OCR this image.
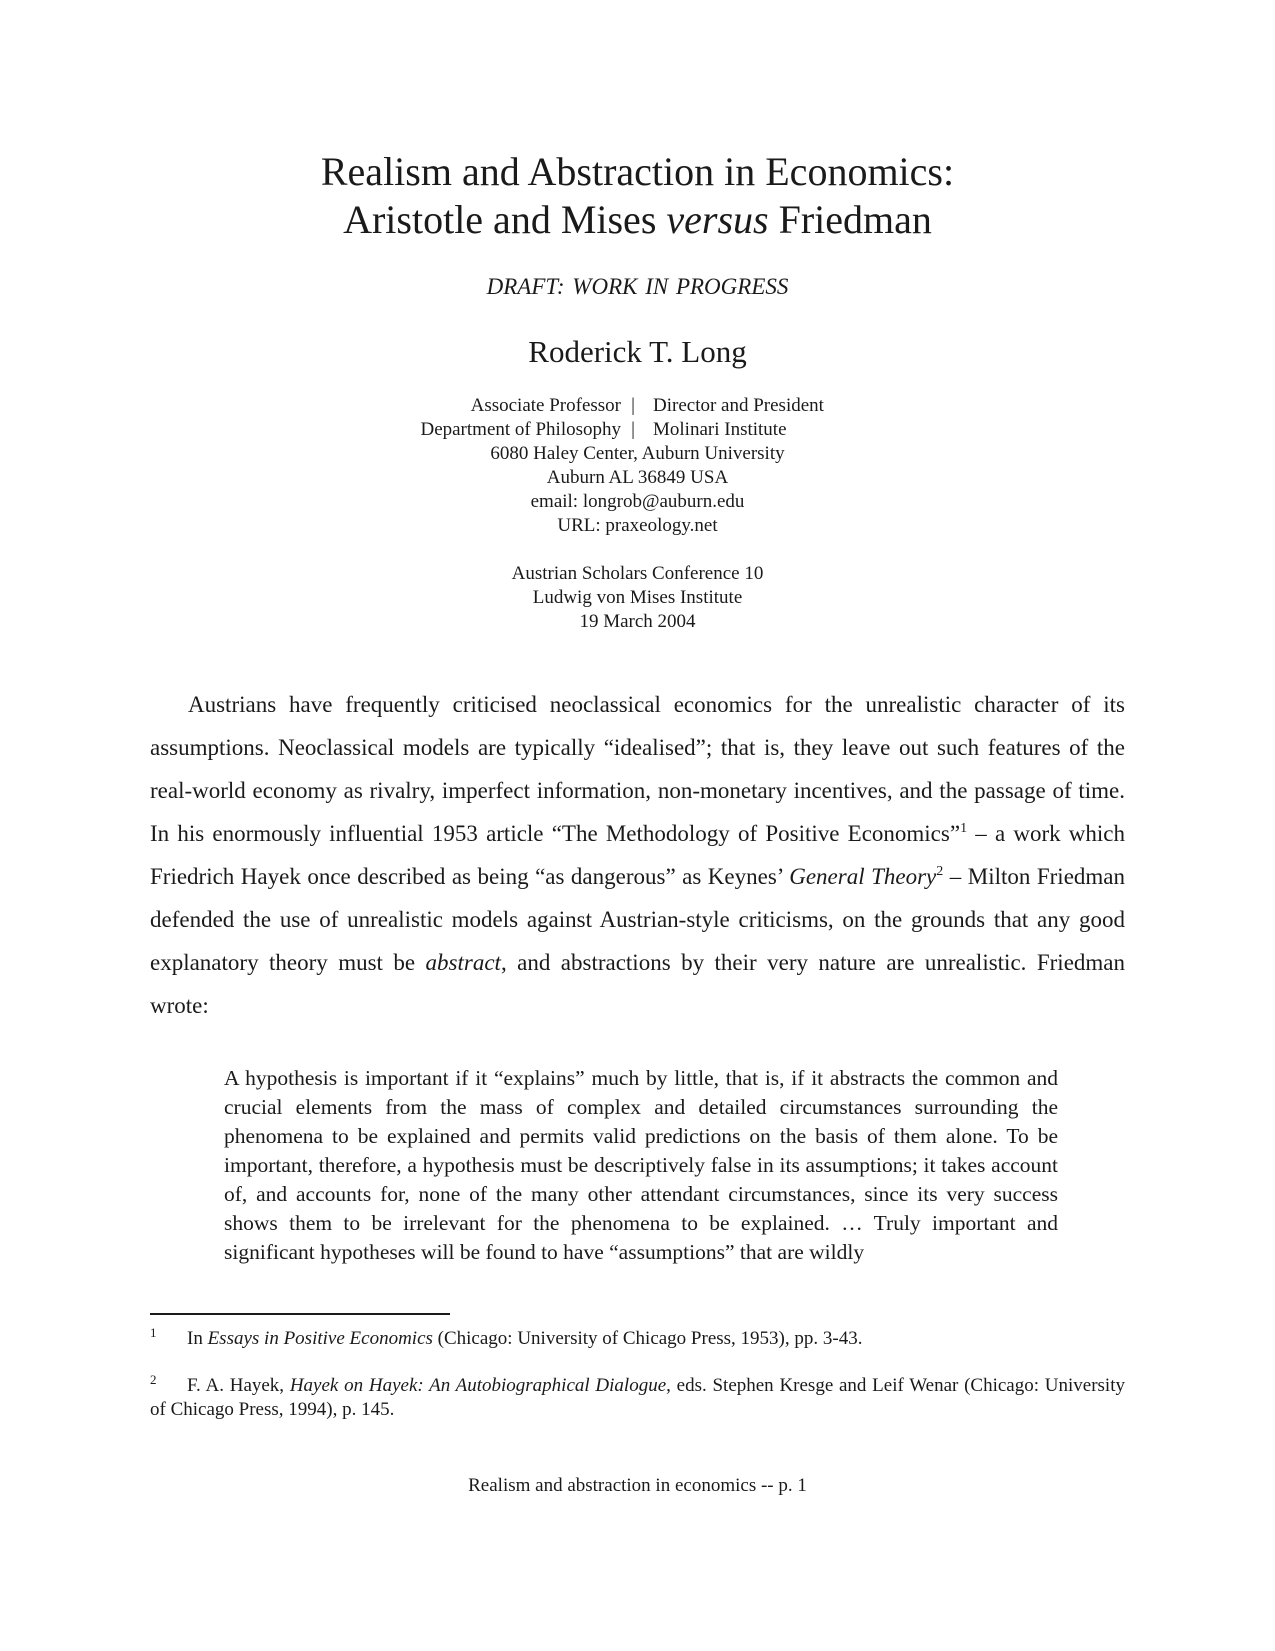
Realism and Abstraction in Economics:
Aristotle and Mises versus Friedman
DRAFT: WORK IN PROGRESS
Roderick T. Long
Associate Professor
Department of Philosophy
|
|
Director and President
Molinari Institute
6080 Haley Center, Auburn University
Auburn AL 36849 USA
email: longrob@auburn.edu
URL: praxeology.net
Austrian Scholars Conference 10
Ludwig von Mises Institute
19 March 2004

Austrians have frequently criticised neoclassical economics for the unrealistic character of its assumptions. Neoclassical models are typically “idealised”; that is, they leave out such features of the real-world economy as rivalry, imperfect information, non-monetary incentives, and the passage of time. In his enormously influential 1953 article “The Methodology of Positive Economics”$^1$ – a work which Friedrich Hayek once described as being “as dangerous” as Keynes’ General Theory$^2$ – Milton Friedman defended the use of unrealistic models against Austrian-style criticisms, on the grounds that any good explanatory theory must be abstract, and abstractions by their very nature are unrealistic. Friedman wrote:

A hypothesis is important if it “explains” much by little, that is, if it abstracts the common and crucial elements from the mass of complex and detailed circumstances surrounding the phenomena to be explained and permits valid predictions on the basis of them alone. To be important, therefore, a hypothesis must be descriptively false in its assumptions; it takes account of, and accounts for, none of the many other attendant circumstances, since its very success shows them to be irrelevant for the phenomena to be explained. … Truly important and significant hypotheses will be found to have “assumptions” that are wildly

1 In Essays in Positive Economics (Chicago: University of Chicago Press, 1953), pp. 3-43.
2 F. A. Hayek, Hayek on Hayek: An Autobiographical Dialogue, eds. Stephen Kresge and Leif Wenar (Chicago: University of Chicago Press, 1994), p. 145.
Realism and abstraction in economics -- p. 1
